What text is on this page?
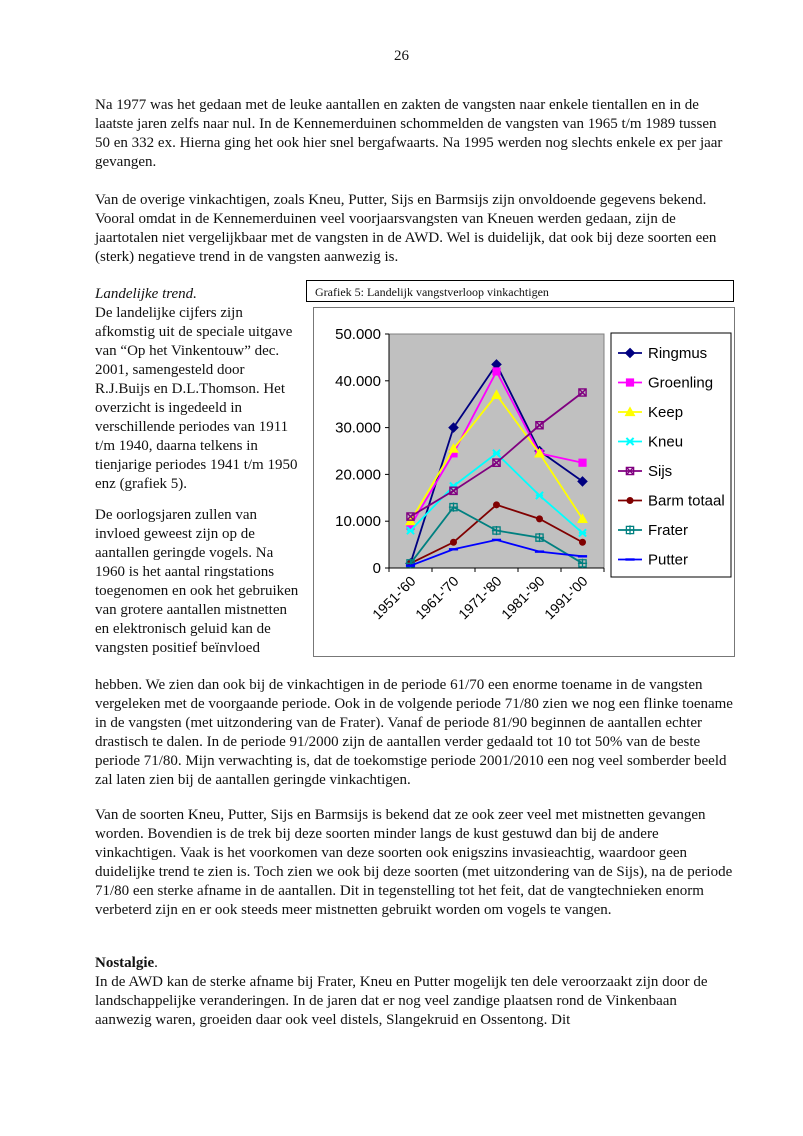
26

Na 1977 was het gedaan met de leuke aantallen en zakten de vangsten naar enkele tientallen en in de laatste jaren zelfs naar nul. In de Kennemerduinen schommelden de vangsten van 1965 t/m 1989 tussen 50 en 332 ex. Hierna ging het ook hier snel bergafwaarts. Na 1995 werden nog slechts enkele ex per jaar gevangen.

Van de overige vinkachtigen, zoals Kneu, Putter, Sijs en Barmsijs zijn onvoldoende gegevens bekend. Vooral omdat in de Kennemerduinen veel voorjaarsvangsten van Kneuen werden gedaan, zijn de jaartotalen niet vergelijkbaar met de vangsten in de AWD. Wel is duidelijk, dat ook bij deze soorten een (sterk) negatieve trend in de vangsten aanwezig is.

Landelijke trend.

De landelijke cijfers zijn afkomstig uit de speciale uitgave van “Op het Vinkentouw” dec. 2001, samengesteld door R.J.Buijs en D.L.Thomson. Het overzicht is ingedeeld in verschillende periodes van 1911 t/m 1940, daarna telkens in tienjarige periodes 1941 t/m 1950 enz (grafiek 5).

De oorlogsjaren zullen van invloed geweest zijn op de aantallen geringde vogels. Na 1960 is het aantal ringstations toegenomen en ook het gebruiken van grotere aantallen mistnetten en elektronisch geluid kan de vangsten positief beïnvloed

hebben. We zien dan ook bij de vinkachtigen in de periode 61/70 een enorme toename in de vangsten vergeleken met de voorgaande periode. Ook in de volgende periode 71/80 zien we nog een flinke toename in de vangsten (met uitzondering van de Frater). Vanaf de periode 81/90 beginnen de aantallen echter drastisch te dalen. In de periode 91/2000 zijn de aantallen verder gedaald tot 10 tot 50% van de beste periode 71/80. Mijn verwachting is, dat de toekomstige periode 2001/2010 een nog veel somberder beeld zal laten zien bij de aantallen geringde vinkachtigen.

Van de soorten Kneu, Putter, Sijs en Barmsijs is bekend dat ze ook zeer veel met mistnetten gevangen worden. Bovendien is de trek bij deze soorten minder langs de kust gestuwd dan bij de andere vinkachtigen. Vaak is het voorkomen van deze soorten ook enigszins invasieachtig, waardoor geen duidelijke trend te zien is. Toch zien we ook bij deze soorten (met uitzondering van de Sijs), na de periode 71/80 een sterke afname in de aantallen. Dit in tegenstelling tot het feit, dat de vangtechnieken enorm verbeterd zijn en er ook steeds meer mistnetten gebruikt worden om vogels te vangen.

Nostalgie.

In de AWD kan de sterke afname bij Frater, Kneu en Putter mogelijk ten dele veroorzaakt zijn door de landschappelijke veranderingen. In de jaren dat er nog veel zandige plaatsen rond de Vinkenbaan aanwezig waren, groeiden daar ook veel distels, Slangekruid en Ossentong. Dit

Grafiek 5: Landelijk vangstverloop vinkachtigen
50.000
40.000
30.000
20.000
10.000
0
1951-'60
1961-'70
1971-'80
1981-'90
1991-'00
Ringmus
Groenling
Keep
Kneu
Sijs
Barm totaal
Frater
Putter
